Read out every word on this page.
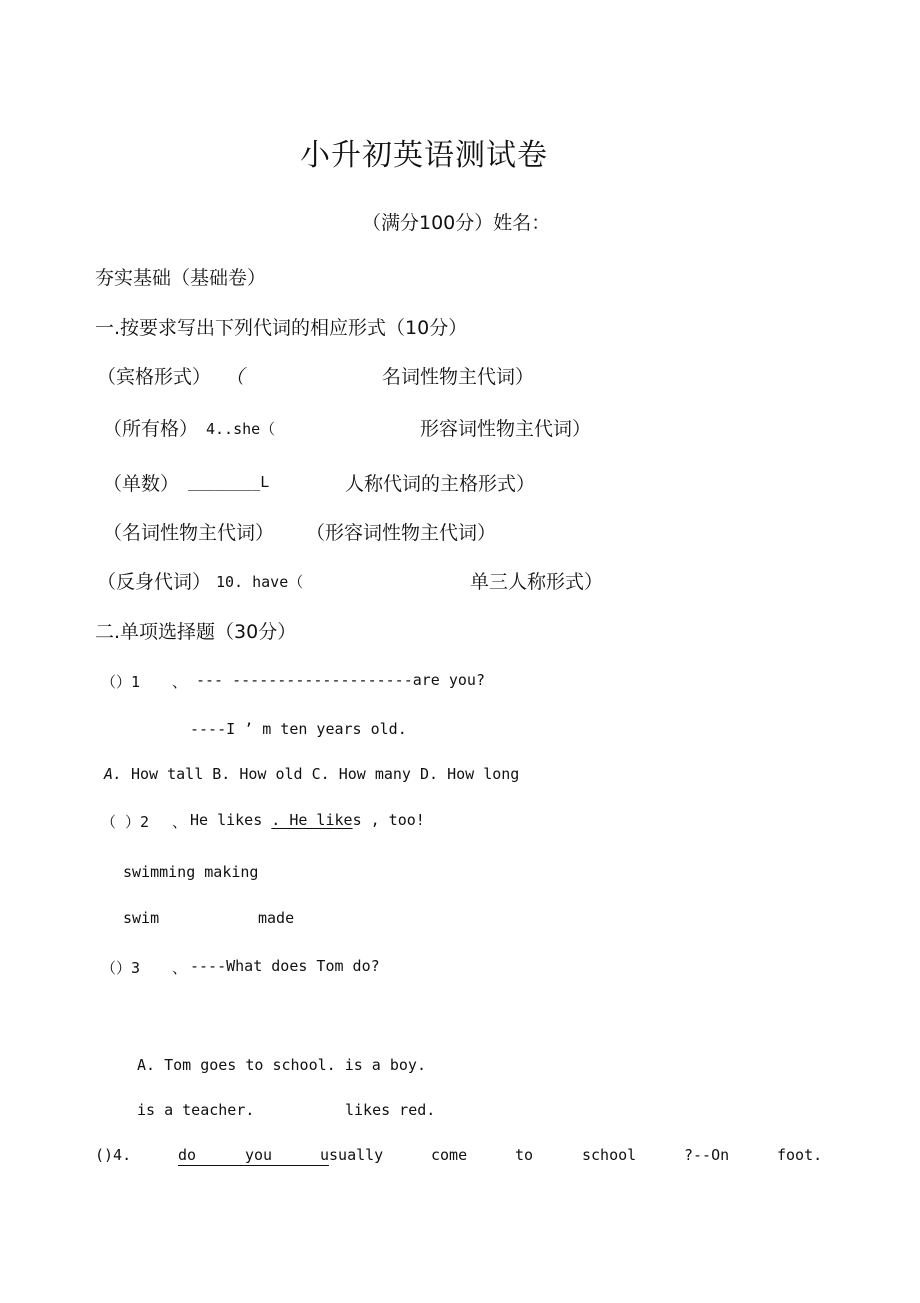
小升初英语测试卷
（满分100分）姓名：
夯实基础（基础卷）
一.按要求写出下列代词的相应形式（10分）
（宾格形式） （	名词性物主代词）
（所有格） 4..she（	形容词性物主代词）
（单数） ________L	人称代词的主格形式）
（名词性物主代词） （形容词性物主代词）
（反身代词） 10. have（	单三人称形式）
二.单项选择题（30分）
（）1 、 --- --------------------are you?
----I ’ m ten years old.
A. How tall B. How old C. How many D. How long
（ ）2 、 He likes . He likes , too!
swimming making
swim	made
（）3 、 ----What does Tom do?
A. Tom goes to school. is a boy.
is a teacher.	likes red.
()4.	do	you	usually	come	to	school	?--On	foot.
